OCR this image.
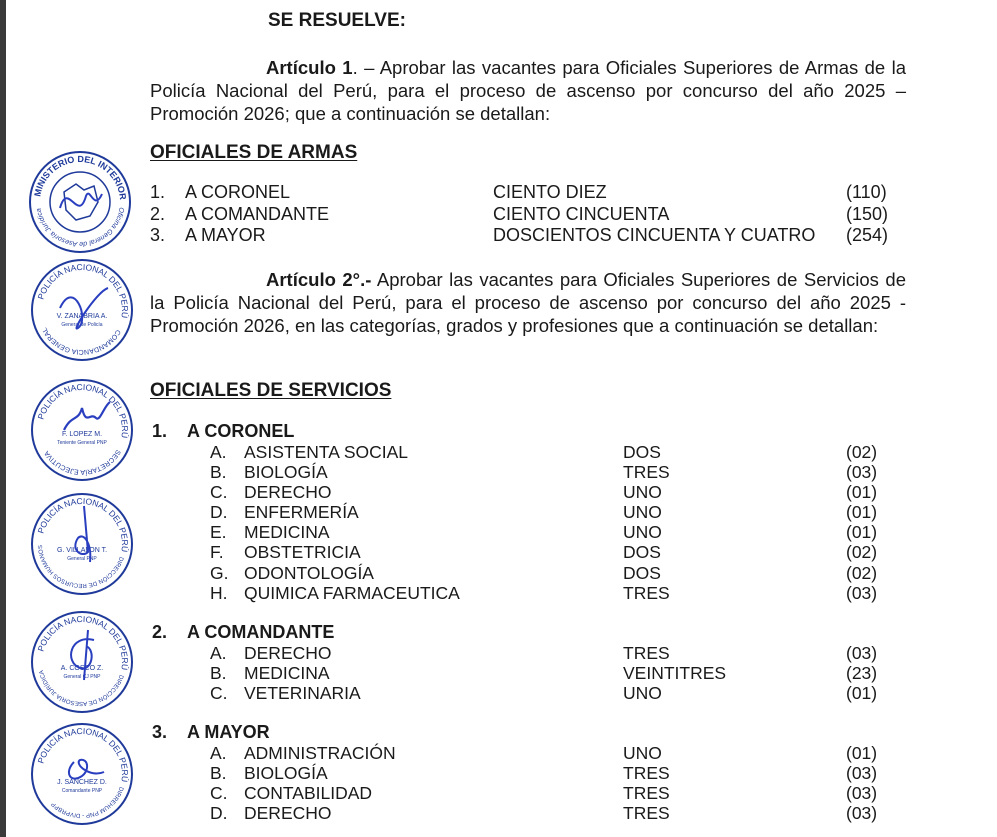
SE RESUELVE:
Artículo 1. – Aprobar las vacantes para Oficiales Superiores de Armas de la Policía Nacional del Perú, para el proceso de ascenso por concurso del año 2025 – Promoción 2026; que a continuación se detallan:
OFICIALES DE ARMAS
1. A CORONEL	CIENTO DIEZ	(110)
2. A COMANDANTE	CIENTO CINCUENTA	(150)
3. A MAYOR	DOSCIENTOS CINCUENTA Y CUATRO (254)
Artículo 2°.- Aprobar las vacantes para Oficiales Superiores de Servicios de la Policía Nacional del Perú, para el proceso de ascenso por concurso del año 2025 - Promoción 2026, en las categorías, grados y profesiones que a continuación se detallan:
OFICIALES DE SERVICIOS
1. A CORONEL
A. ASISTENTA SOCIAL	DOS	(02)
B. BIOLOGÍA	TRES	(03)
C. DERECHO	UNO	(01)
D. ENFERMERÍA	UNO	(01)
E. MEDICINA	UNO	(01)
F. OBSTETRICIA	DOS	(02)
G. ODONTOLOGÍA	DOS	(02)
H. QUIMICA FARMACEUTICA	TRES	(03)
2. A COMANDANTE
A. DERECHO	TRES	(03)
B. MEDICINA	VEINTITRES	(23)
C. VETERINARIA	UNO	(01)
3. A MAYOR
A. ADMINISTRACIÓN	UNO	(01)
B. BIOLOGÍA	TRES	(03)
C. CONTABILIDAD	TRES	(03)
D. DERECHO	TRES	(03)
MINISTERIO DEL INTERIOR
Oficina General de Asesoría Jurídica
POLICÍA NACIONAL DEL PERÚ
COMANDANCIA GENERAL
V. ZANABRIA A.
General de Policía
POLICÍA NACIONAL DEL PERÚ
SECRETARÍA EJECUTIVA
F. LOPEZ M.
Teniente General PNP
POLICÍA NACIONAL DEL PERÚ
DIRECCIÓN DE RECURSOS HUMANOS
G. VILLALON T.
General PNP
POLICÍA NACIONAL DEL PERÚ
DIRECCIÓN DE ASESORÍA JURÍDICA
A. COSCO Z.
General CJ PNP
POLICÍA NACIONAL DEL PERÚ
DIRREHUM PNP - DIVPRBPP
J. SANCHEZ D.
Comandante PNP
